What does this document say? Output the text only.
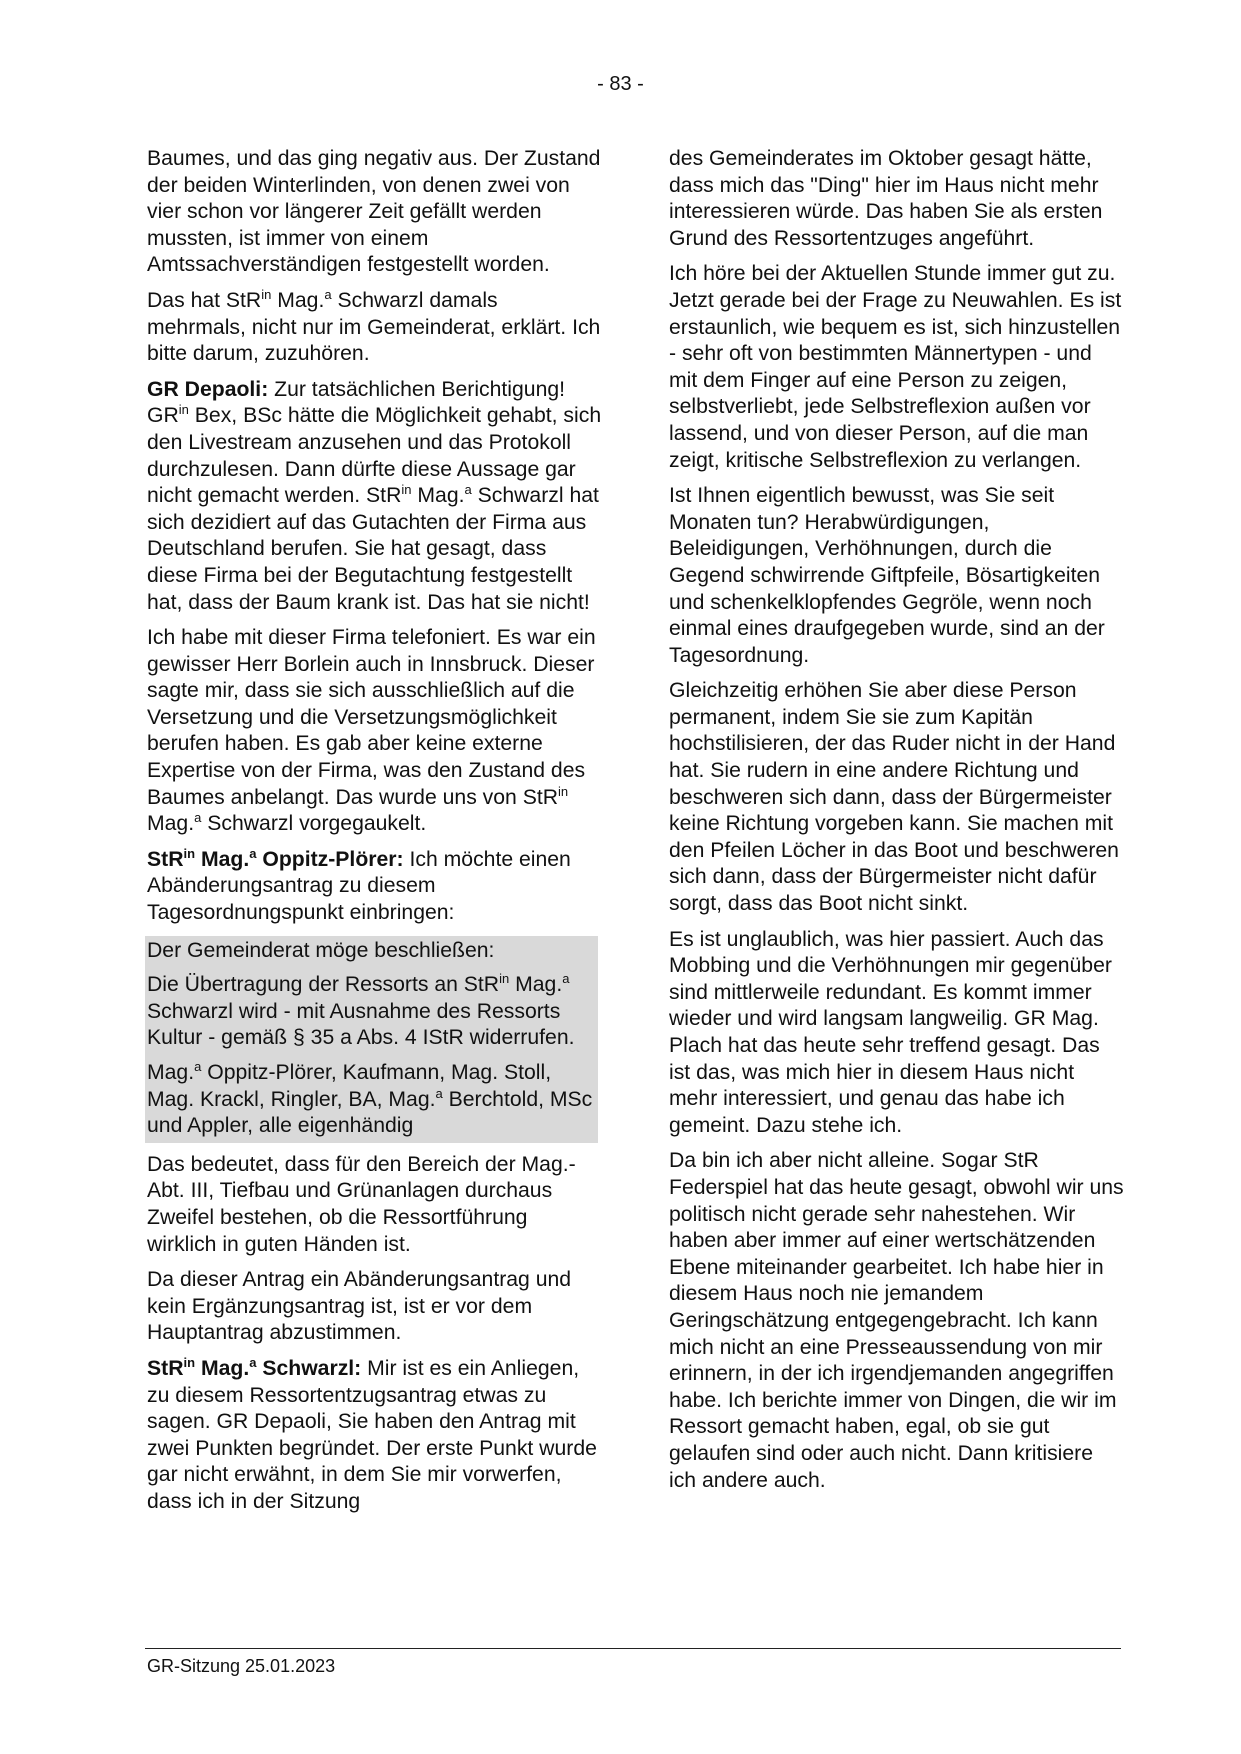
- 83 -

Baumes, und das ging negativ aus. Der Zustand der beiden Winterlinden, von denen zwei von vier schon vor längerer Zeit gefällt werden mussten, ist immer von einem Amtssachverständigen festgestellt worden.

Das hat StR$^{in}$ Mag.$^a$ Schwarzl damals mehrmals, nicht nur im Gemeinderat, erklärt. Ich bitte darum, zuzuhören.

GR Depaoli: Zur tatsächlichen Berichtigung! $GR^{in}$ Bex, BSc hätte die Möglichkeit gehabt, sich den Livestream anzusehen und das Protokoll durchzulesen. Dann dürfte diese Aussage gar nicht gemacht werden. StR$^{in}$ Mag.$^a$ Schwarzl hat sich dezidiert auf das Gutachten der Firma aus Deutschland berufen. Sie hat gesagt, dass diese Firma bei der Begutachtung festgestellt hat, dass der Baum krank ist. Das hat sie nicht!

Ich habe mit dieser Firma telefoniert. Es war ein gewisser Herr Borlein auch in Innsbruck. Dieser sagte mir, dass sie sich ausschließlich auf die Versetzung und die Versetzungsmöglichkeit berufen haben. Es gab aber keine externe Expertise von der Firma, was den Zustand des Baumes anbelangt. Das wurde uns von StR$^{in}$ Mag.$^a$ Schwarzl vorgegaukelt.

StR$^{in}$ Mag.$^a$ Oppitz-Plörer: Ich möchte einen Abänderungsantrag zu diesem Tagesordnungspunkt einbringen:

Der Gemeinderat möge beschließen:

Die Übertragung der Ressorts an StR$^{in}$ Mag.$^a$ Schwarzl wird - mit Ausnahme des Ressorts Kultur - gemäß § 35 a Abs. 4 IStR widerrufen.

Mag.$^a$ Oppitz-Plörer, Kaufmann, Mag. Stoll, Mag. Krackl, Ringler, BA, Mag.$^a$ Berchtold, MSc und Appler, alle eigenhändig

Das bedeutet, dass für den Bereich der Mag.-Abt. III, Tiefbau und Grünanlagen durchaus Zweifel bestehen, ob die Ressortführung wirklich in guten Händen ist.

Da dieser Antrag ein Abänderungsantrag und kein Ergänzungsantrag ist, ist er vor dem Hauptantrag abzustimmen.

StR$^{in}$ Mag.$^a$ Schwarzl: Mir ist es ein Anliegen, zu diesem Ressortentzugsantrag etwas zu sagen. GR Depaoli, Sie haben den Antrag mit zwei Punkten begründet. Der erste Punkt wurde gar nicht erwähnt, in dem Sie mir vorwerfen, dass ich in der Sitzung

des Gemeinderates im Oktober gesagt hätte, dass mich das "Ding" hier im Haus nicht mehr interessieren würde. Das haben Sie als ersten Grund des Ressortentzuges angeführt.

Ich höre bei der Aktuellen Stunde immer gut zu. Jetzt gerade bei der Frage zu Neuwahlen. Es ist erstaunlich, wie bequem es ist, sich hinzustellen - sehr oft von bestimmten Männertypen - und mit dem Finger auf eine Person zu zeigen, selbstverliebt, jede Selbstreflexion außen vor lassend, und von dieser Person, auf die man zeigt, kritische Selbstreflexion zu verlangen.

Ist Ihnen eigentlich bewusst, was Sie seit Monaten tun? Herabwürdigungen, Beleidigungen, Verhöhnungen, durch die Gegend schwirrende Giftpfeile, Bösartigkeiten und schenkelklopfendes Gegröle, wenn noch einmal eines draufgegeben wurde, sind an der Tagesordnung.

Gleichzeitig erhöhen Sie aber diese Person permanent, indem Sie sie zum Kapitän hochstilisieren, der das Ruder nicht in der Hand hat. Sie rudern in eine andere Richtung und beschweren sich dann, dass der Bürgermeister keine Richtung vorgeben kann. Sie machen mit den Pfeilen Löcher in das Boot und beschweren sich dann, dass der Bürgermeister nicht dafür sorgt, dass das Boot nicht sinkt.

Es ist unglaublich, was hier passiert. Auch das Mobbing und die Verhöhnungen mir gegenüber sind mittlerweile redundant. Es kommt immer wieder und wird langsam langweilig. GR Mag. Plach hat das heute sehr treffend gesagt. Das ist das, was mich hier in diesem Haus nicht mehr interessiert, und genau das habe ich gemeint. Dazu stehe ich.

Da bin ich aber nicht alleine. Sogar StR Federspiel hat das heute gesagt, obwohl wir uns politisch nicht gerade sehr nahestehen. Wir haben aber immer auf einer wertschätzenden Ebene miteinander gearbeitet. Ich habe hier in diesem Haus noch nie jemandem Geringschätzung entgegengebracht. Ich kann mich nicht an eine Presseaussendung von mir erinnern, in der ich irgendjemanden angegriffen habe. Ich berichte immer von Dingen, die wir im Ressort gemacht haben, egal, ob sie gut gelaufen sind oder auch nicht. Dann kritisiere ich andere auch.

GR-Sitzung 25.01.2023
